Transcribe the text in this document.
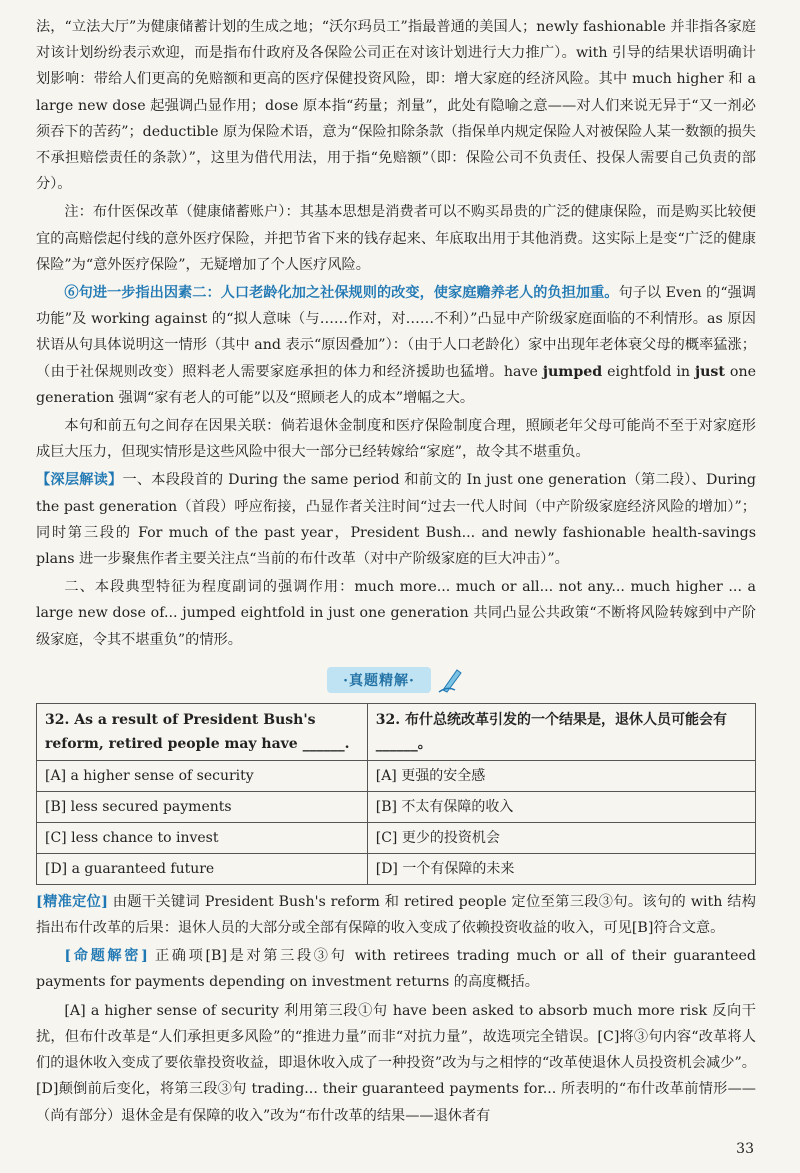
法，“立法大厅”为健康储蓄计划的生成之地；“沃尔玛员工”指最普通的美国人；newly fashionable 并非指各家庭对该计划纷纷表示欢迎，而是指布什政府及各保险公司正在对该计划进行大力推广）。with 引导的结果状语明确计划影响：带给人们更高的免赔额和更高的医疗保健投资风险，即：增大家庭的经济风险。其中 much higher 和 a large new dose 起强调凸显作用；dose 原本指“药量；剂量”，此处有隐喻之意——对人们来说无异于“又一剂必须吞下的苦药”；deductible 原为保险术语，意为“保险扣除条款（指保单内规定保险人对被保险人某一数额的损失不承担赔偿责任的条款）”，这里为借代用法，用于指“免赔额”（即：保险公司不负责任、投保人需要自己负责的部分）。

注：布什医保改革（健康储蓄账户）：其基本思想是消费者可以不购买昂贵的广泛的健康保险，而是购买比较便宜的高赔偿起付线的意外医疗保险，并把节省下来的钱存起来、年底取出用于其他消费。这实际上是变“广泛的健康保险”为“意外医疗保险”，无疑增加了个人医疗风险。

⑥句进一步指出因素二：人口老龄化加之社保规则的改变，使家庭赡养老人的负担加重。句子以 Even 的“强调功能”及 working against 的“拟人意味（与……作对，对……不利）”凸显中产阶级家庭面临的不利情形。as 原因状语从句具体说明这一情形（其中 and 表示“原因叠加”）：（由于人口老龄化）家中出现年老体衰父母的概率猛涨；（由于社保规则改变）照料老人需要家庭承担的体力和经济援助也猛增。have jumped eightfold in just one generation 强调“家有老人的可能”以及“照顾老人的成本”增幅之大。

本句和前五句之间存在因果关联：倘若退休金制度和医疗保险制度合理，照顾老年父母可能尚不至于对家庭形成巨大压力，但现实情形是这些风险中很大一部分已经转嫁给“家庭”，故令其不堪重负。

【深层解读】一、本段段首的 During the same period 和前文的 In just one generation（第二段）、During the past generation（首段）呼应衔接，凸显作者关注时间“过去一代人时间（中产阶级家庭经济风险的增加）”；同时第三段的 For much of the past year，President Bush... and newly fashionable health-savings plans 进一步聚焦作者主要关注点“当前的布什改革（对中产阶级家庭的巨大冲击）”。

二、本段典型特征为程度副词的强调作用：much more... much or all... not any... much higher ... a large new dose of... jumped eightfold in just one generation 共同凸显公共政策“不断将风险转嫁到中产阶级家庭，令其不堪重负”的情形。

·真题精解·
32. As a result of President Bush's reform, retired people may have ______.	32. 布什总统改革引发的一个结果是，退休人员可能会有______。
[A] a higher sense of security	[A] 更强的安全感
[B] less secured payments	[B] 不太有保障的收入
[C] less chance to invest	[C] 更少的投资机会
[D] a guaranteed future	[D] 一个有保障的未来

[精准定位] 由题干关键词 President Bush's reform 和 retired people 定位至第三段③句。该句的 with 结构指出布什改革的后果：退休人员的大部分或全部有保障的收入变成了依赖投资收益的收入，可见[B]符合文意。

[命题解密] 正确项[B]是对第三段③句 with retirees trading much or all of their guaranteed payments for payments depending on investment returns 的高度概括。

[A] a higher sense of security 利用第三段①句 have been asked to absorb much more risk 反向干扰，但布什改革是“人们承担更多风险”的“推进力量”而非“对抗力量”，故选项完全错误。[C]将③句内容“改革将人们的退休收入变成了要依靠投资收益，即退休收入成了一种投资”改为与之相悖的“改革使退休人员投资机会减少”。[D]颠倒前后变化，将第三段③句 trading... their guaranteed payments for... 所表明的“布什改革前情形——（尚有部分）退休金是有保障的收入”改为“布什改革的结果——退休者有

33
